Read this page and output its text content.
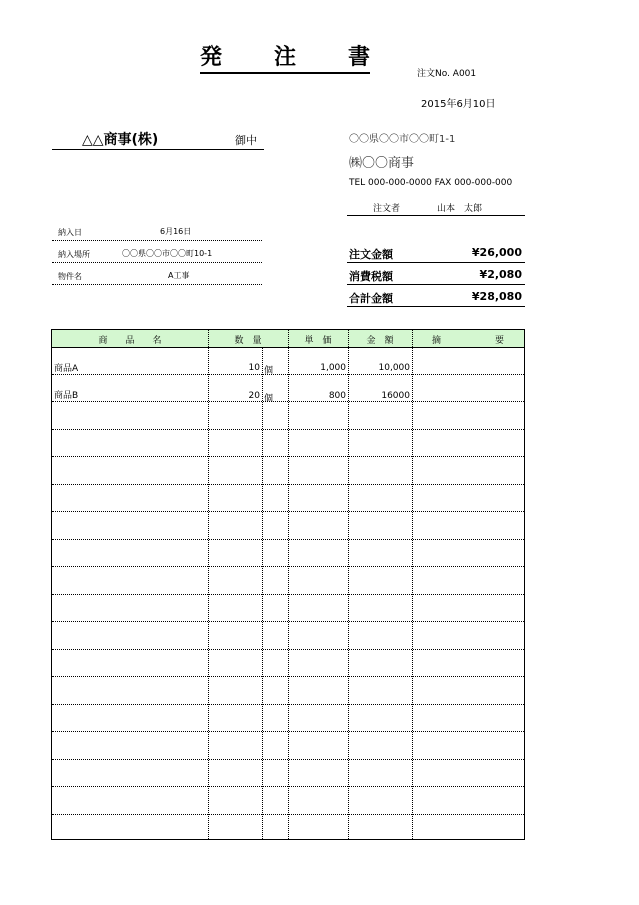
発 注 書
注文No. A001
2015年6月10日
△△商事(株)	御中	〇〇県〇〇市〇〇町1-1
㈱〇〇商事
TEL 000-000-0000 FAX 000-000-000
注文者	山本　太郎
納入日	6月16日
納入場所	〇〇県〇〇市〇〇町10-1
物件名	A工事
注文金額	¥26,000
消費税額	¥2,080
合計金額	¥28,080
商　　品　　名	数　量	単　価	金　額	摘　　　　　　要
商品A	10 個	1,000	10,000
商品B	20 個	800	16000
